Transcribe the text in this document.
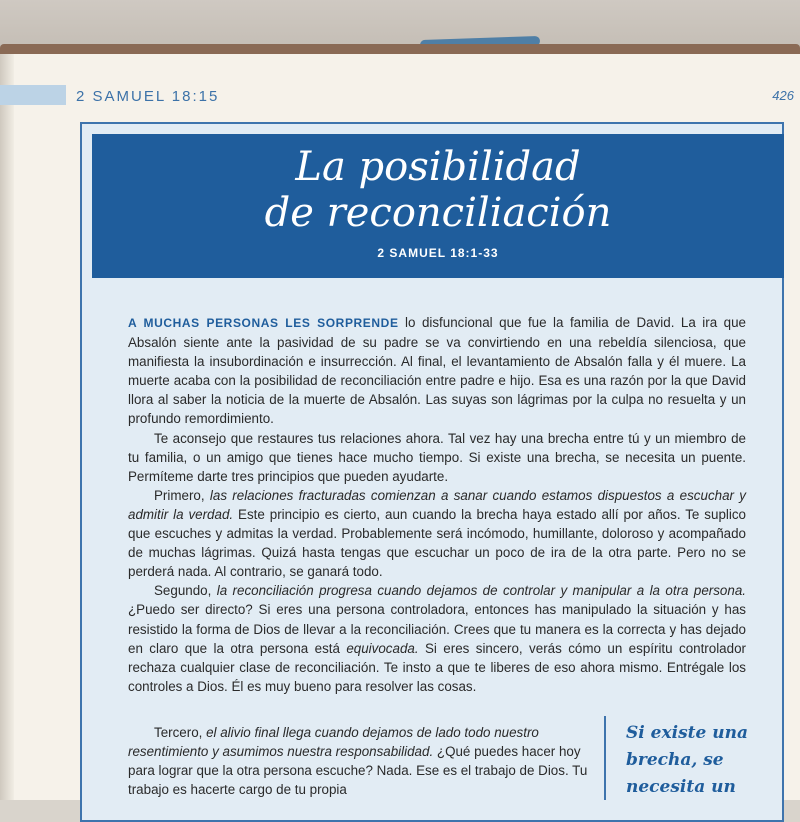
2 SAMUEL 18:15	426
La posibilidad
de reconciliación
2 SAMUEL 18:1-33

A MUCHAS PERSONAS LES SORPRENDE lo disfuncional que fue la familia de David. La ira que Absalón siente ante la pasividad de su padre se va convirtiendo en una rebeldía silenciosa, que manifiesta la insubordinación e insurrección. Al final, el levantamiento de Absalón falla y él muere. La muerte acaba con la posibilidad de reconciliación entre padre e hijo. Esa es una razón por la que David llora al saber la noticia de la muerte de Absalón. Las suyas son lágrimas por la culpa no resuelta y un profundo remordimiento.

Te aconsejo que restaures tus relaciones ahora. Tal vez hay una brecha entre tú y un miembro de tu familia, o un amigo que tienes hace mucho tiempo. Si existe una brecha, se necesita un puente. Permíteme darte tres principios que pueden ayudarte.

Primero, las relaciones fracturadas comienzan a sanar cuando estamos dispuestos a escuchar y admitir la verdad. Este principio es cierto, aun cuando la brecha haya estado allí por años. Te suplico que escuches y admitas la verdad. Probablemente será incómodo, humillante, doloroso y acompañado de muchas lágrimas. Quizá hasta tengas que escuchar un poco de ira de la otra parte. Pero no se perderá nada. Al contrario, se ganará todo.

Segundo, la reconciliación progresa cuando dejamos de controlar y manipular a la otra persona. ¿Puedo ser directo? Si eres una persona controladora, entonces has manipulado la situación y has resistido la forma de Dios de llevar a la reconciliación. Crees que tu manera es la correcta y has dejado en claro que la otra persona está equivocada. Si eres sincero, verás cómo un espíritu controlador rechaza cualquier clase de reconciliación. Te insto a que te liberes de eso ahora mismo. Entrégale los controles a Dios. Él es muy bueno para resolver las cosas.

Tercero, el alivio final llega cuando dejamos de lado todo nuestro resentimiento y asumimos nuestra responsabilidad. ¿Qué puedes hacer hoy para lograr que la otra persona escuche? Nada. Ese es el trabajo de Dios. Tu trabajo es hacerte cargo de tu propia
Si existe una brecha, se necesita un
